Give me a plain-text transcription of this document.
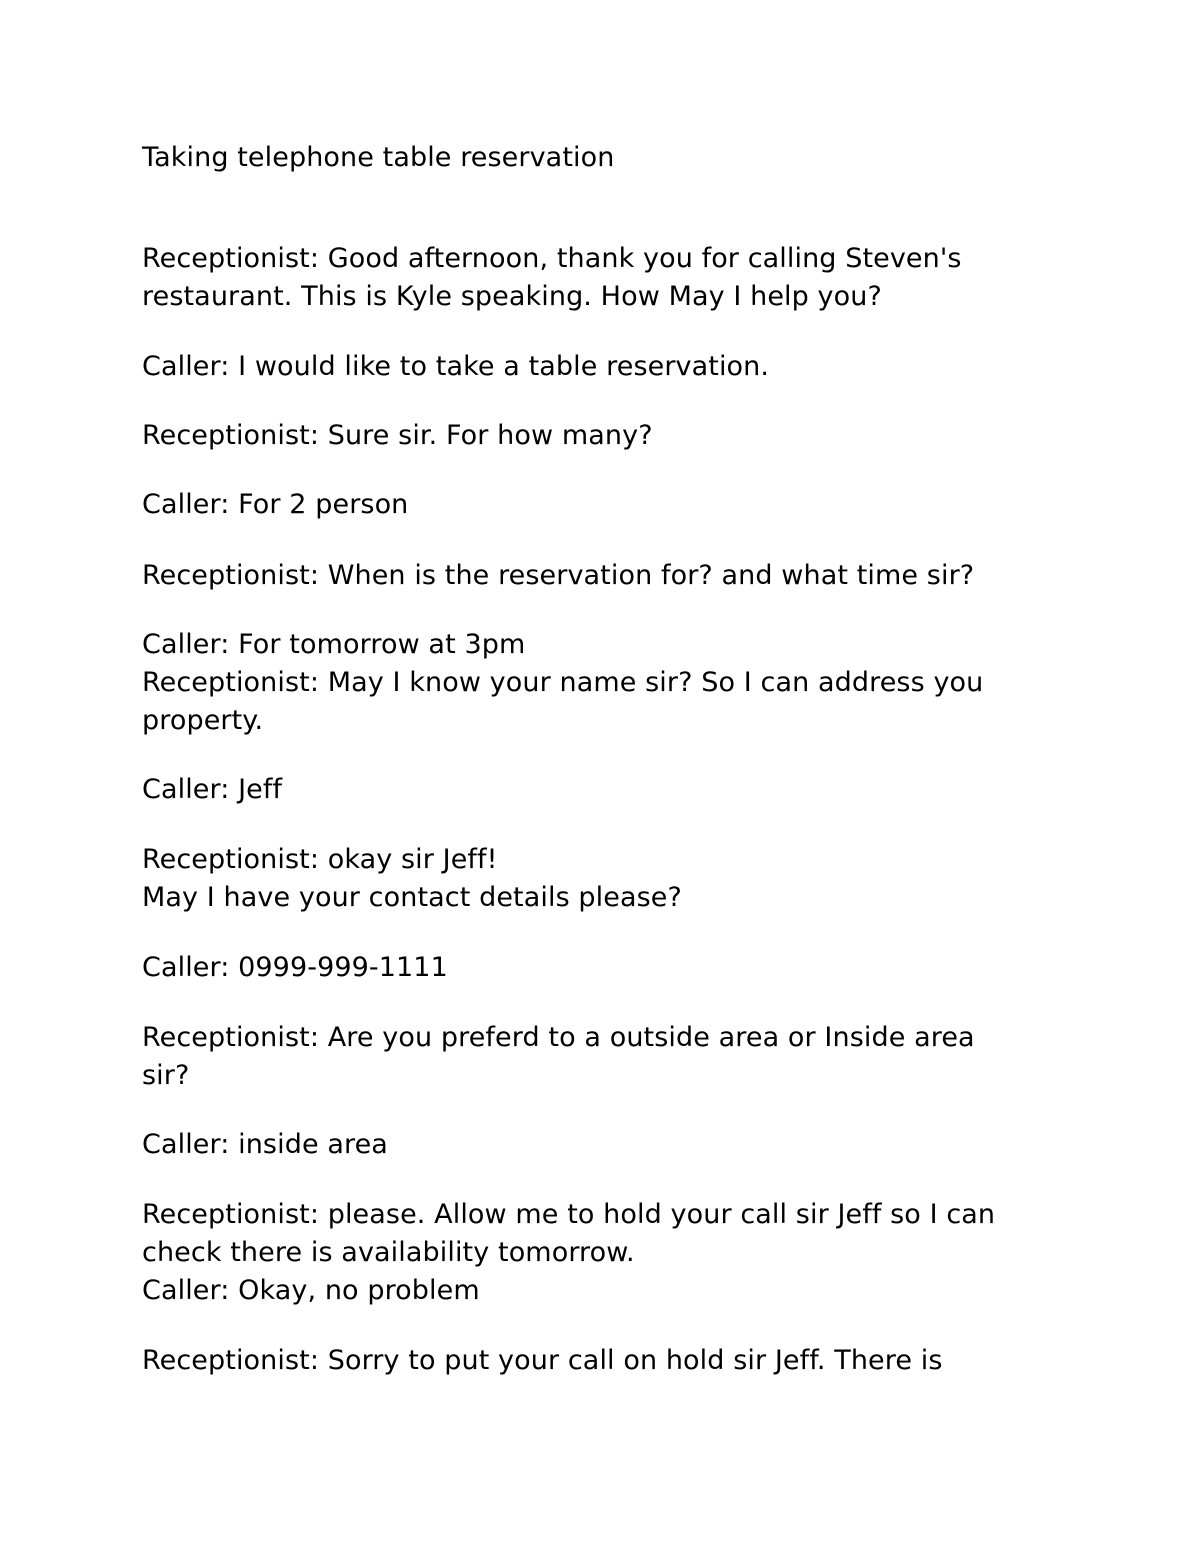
Taking telephone table reservation
Receptionist: Good afternoon, thank you for calling Steven's
restaurant. This is Kyle speaking. How May I help you?
Caller: I would like to take a table reservation.
Receptionist: Sure sir. For how many?
Caller: For 2 person
Receptionist: When is the reservation for? and what time sir?
Caller: For tomorrow at 3pm
Receptionist: May I know your name sir? So I can address you
property.
Caller: Jeff
Receptionist: okay sir Jeff!
May I have your contact details please?
Caller: 0999-999-1111
Receptionist: Are you preferd to a outside area or Inside area
sir?
Caller: inside area
Receptionist: please. Allow me to hold your call sir Jeff so I can
check there is availability tomorrow.
Caller: Okay, no problem
Receptionist: Sorry to put your call on hold sir Jeff. There is
